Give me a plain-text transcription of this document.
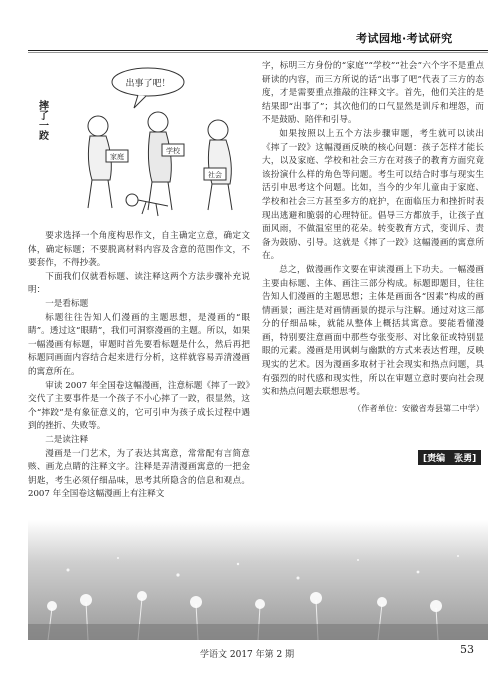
考试园地·考试研究
摔了一跤
出事了吧！
家庭
学校
社会

要求选择一个角度构思作文，自主确定立意，确定文体，确定标题；不要脱离材料内容及含意的范围作文，不要套作，不得抄袭。

下面我们仅就看标题、读注释这两个方法步骤补充说明：

一是看标题

标题往往告知人们漫画的主题思想，是漫画的“眼睛”。透过这“眼睛”，我们可洞察漫画的主题。所以，如果一幅漫画有标题，审题时首先要看标题是什么，然后再把标题同画面内容结合起来进行分析，这样就容易弄清漫画的寓意所在。

审读 2007 年全国卷这幅漫画，注意标题《摔了一跤》交代了主要事件是一个孩子不小心摔了一跤，很显然，这个“摔跤”是有象征意义的，它可引申为孩子成长过程中遇到的挫折、失败等。

二是读注释

漫画是一门艺术，为了表达其寓意，常常配有言简意赅、画龙点睛的注释文字。注释是弄清漫画寓意的一把金钥匙，考生必须仔细品味，思考其所隐含的信息和观点。2007 年全国卷这幅漫画上有注释文

字，标明三方身份的“家庭”“学校”“社会”六个字不是重点研读的内容，而三方所说的话“出事了吧”代表了三方的态度，才是需要重点推敲的注释文字。首先，他们关注的是结果即“出事了”；其次他们的口气显然是训斥和埋怨，而不是鼓励、陪伴和引导。

如果按照以上五个方法步骤审题，考生就可以读出《摔了一跤》这幅漫画反映的核心问题：孩子怎样才能长大，以及家庭、学校和社会三方在对孩子的教育方面究竟该扮演什么样的角色等问题。考生可以结合时事与现实生活引申思考这个问题。比如，当今的少年儿童由于家庭、学校和社会三方甚至多方的庇护，在面临压力和挫折时表现出逃避和脆弱的心理特征。倡导三方都放手，让孩子直面风雨，不做温室里的花朵。转变教育方式，变训斥、责备为鼓励、引导。这就是《摔了一跤》这幅漫画的寓意所在。

总之，做漫画作文要在审读漫画上下功夫。一幅漫画主要由标题、主体、画注三部分构成。标题即题目，往往告知人们漫画的主题思想；主体是画面各“因素”构成的画情画景；画注是对画情画景的提示与注解。通过对这三部分的仔细品味，就能从整体上概括其寓意。要能看懂漫画，特别要注意画面中那些夸张变形、对比象征或特别显眼的元素。漫画是用讽刺与幽默的方式来表达哲理，反映现实的艺术。因为漫画多取材于社会现实和热点问题，具有强烈的时代感和现实性，所以在审题立意时要向社会现实和热点问题去联想思考。

（作者单位：安徽省寿县第二中学）

[责编　张勇]
学语文 2017 年第 2 期	53
